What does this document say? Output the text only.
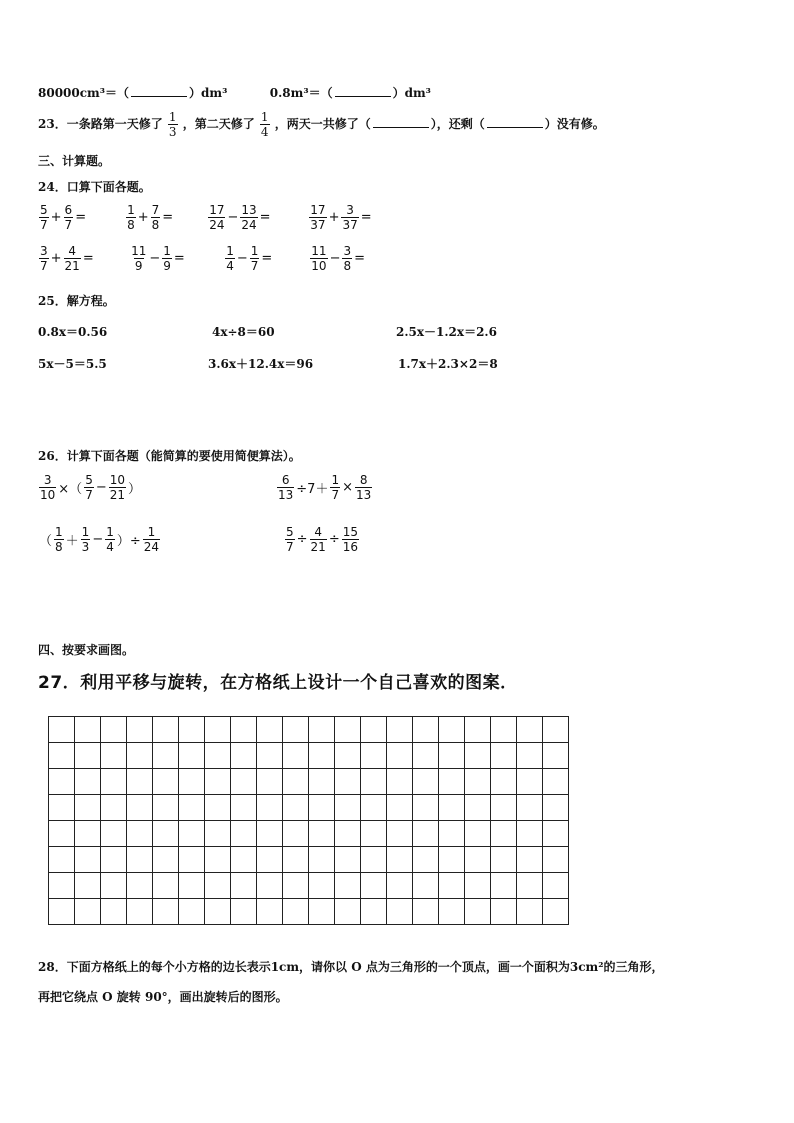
80000cm³＝（	）dm³	0.8m³＝（	）dm³
23．一条路第一天修了 $\frac{1}{3}$ ，第二天修了 $\frac{1}{4}$ ，两天一共修了（	），还剩（	）没有修。
三、计算题。
24．口算下面各题。
$\frac{5}{7} + \frac{6}{7}$ =	$\frac{1}{8} + \frac{7}{8}$ =	$\frac{17}{24} - \frac{13}{24}$ =	$\frac{17}{37} + \frac{3}{37}$ =
$\frac{3}{7} + \frac{4}{21}$ =	$\frac{11}{9} - \frac{1}{9}$ =	$\frac{1}{4} - \frac{1}{7}$ =	$\frac{11}{10} - \frac{3}{8}$ =
25．解方程。
0.8x＝0.56	4x÷8＝60	2.5x－1.2x＝2.6
5x－5＝5.5	3.6x＋12.4x＝96	1.7x＋2.3×2＝8
26．计算下面各题（能简算的要使用简便算法）。
$\frac{3}{10}$ ×（ $\frac{5}{7} - \frac{10}{21}$ ）	$\frac{6}{13} \div 7+ \frac{1}{7} \times \frac{8}{13}$
（ $\frac{1}{8} + \frac{1}{3} - \frac{1}{4}$ ）÷ $\frac{1}{24}$	$\frac{5}{7} \div \frac{4}{21} \div \frac{15}{16}$
四、按要求画图。
27．利用平移与旋转，在方格纸上设计一个自己喜欢的图案．

28．下面方格纸上的每个小方格的边长表示1cm，请你以 O 点为三角形的一个顶点，画一个面积为3cm²的三角形，
再把它绕点 O 旋转 90°，画出旋转后的图形。
